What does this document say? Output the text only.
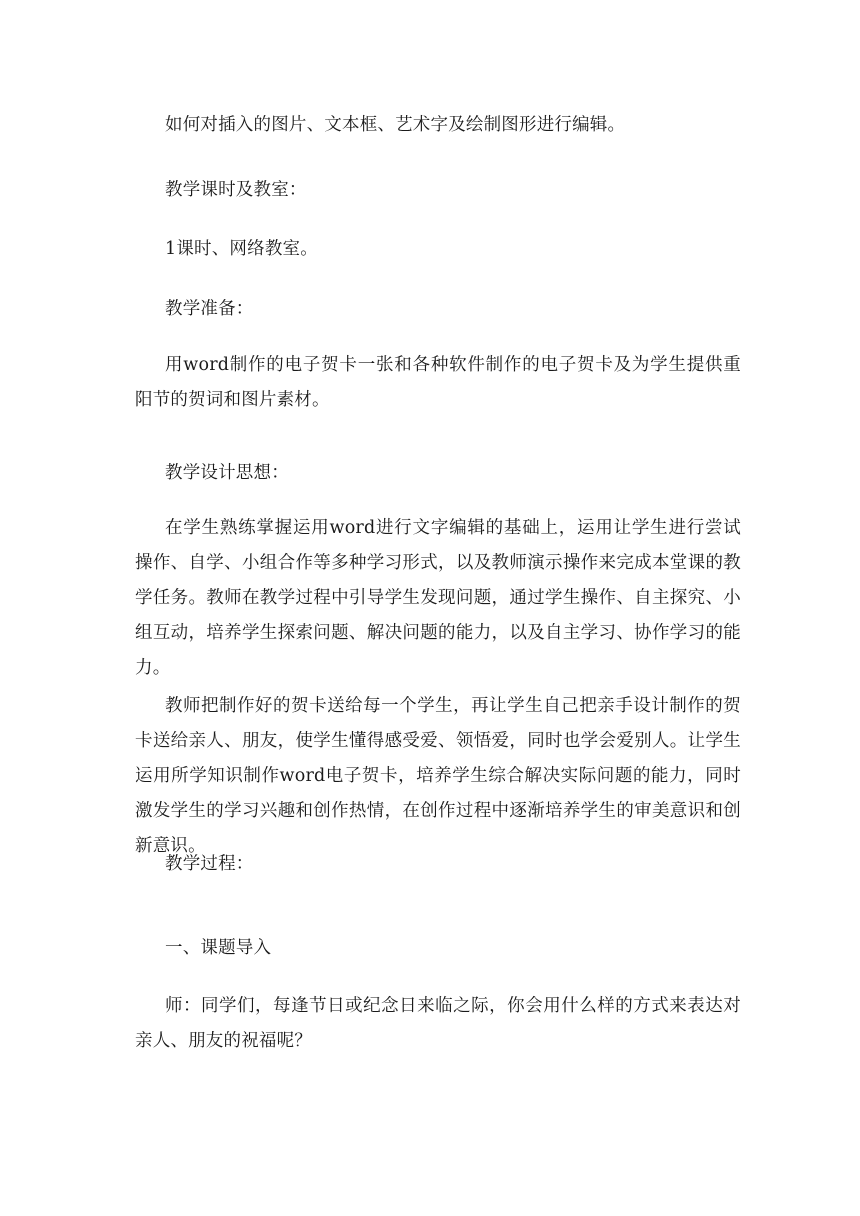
如何对插入的图片、文本框、艺术字及绘制图形进行编辑。

教学课时及教室：

1课时、网络教室。

教学准备：

用word制作的电子贺卡一张和各种软件制作的电子贺卡及为学生提供重阳节的贺词和图片素材。

教学设计思想：

在学生熟练掌握运用word进行文字编辑的基础上，运用让学生进行尝试操作、自学、小组合作等多种学习形式，以及教师演示操作来完成本堂课的教学任务。教师在教学过程中引导学生发现问题，通过学生操作、自主探究、小组互动，培养学生探索问题、解决问题的能力，以及自主学习、协作学习的能力。

教师把制作好的贺卡送给每一个学生，再让学生自己把亲手设计制作的贺卡送给亲人、朋友，使学生懂得感受爱、领悟爱，同时也学会爱别人。让学生运用所学知识制作word电子贺卡，培养学生综合解决实际问题的能力，同时激发学生的学习兴趣和创作热情，在创作过程中逐渐培养学生的审美意识和创新意识。

教学过程：

一、课题导入

师：同学们，每逢节日或纪念日来临之际，你会用什么样的方式来表达对亲人、朋友的祝福呢？
